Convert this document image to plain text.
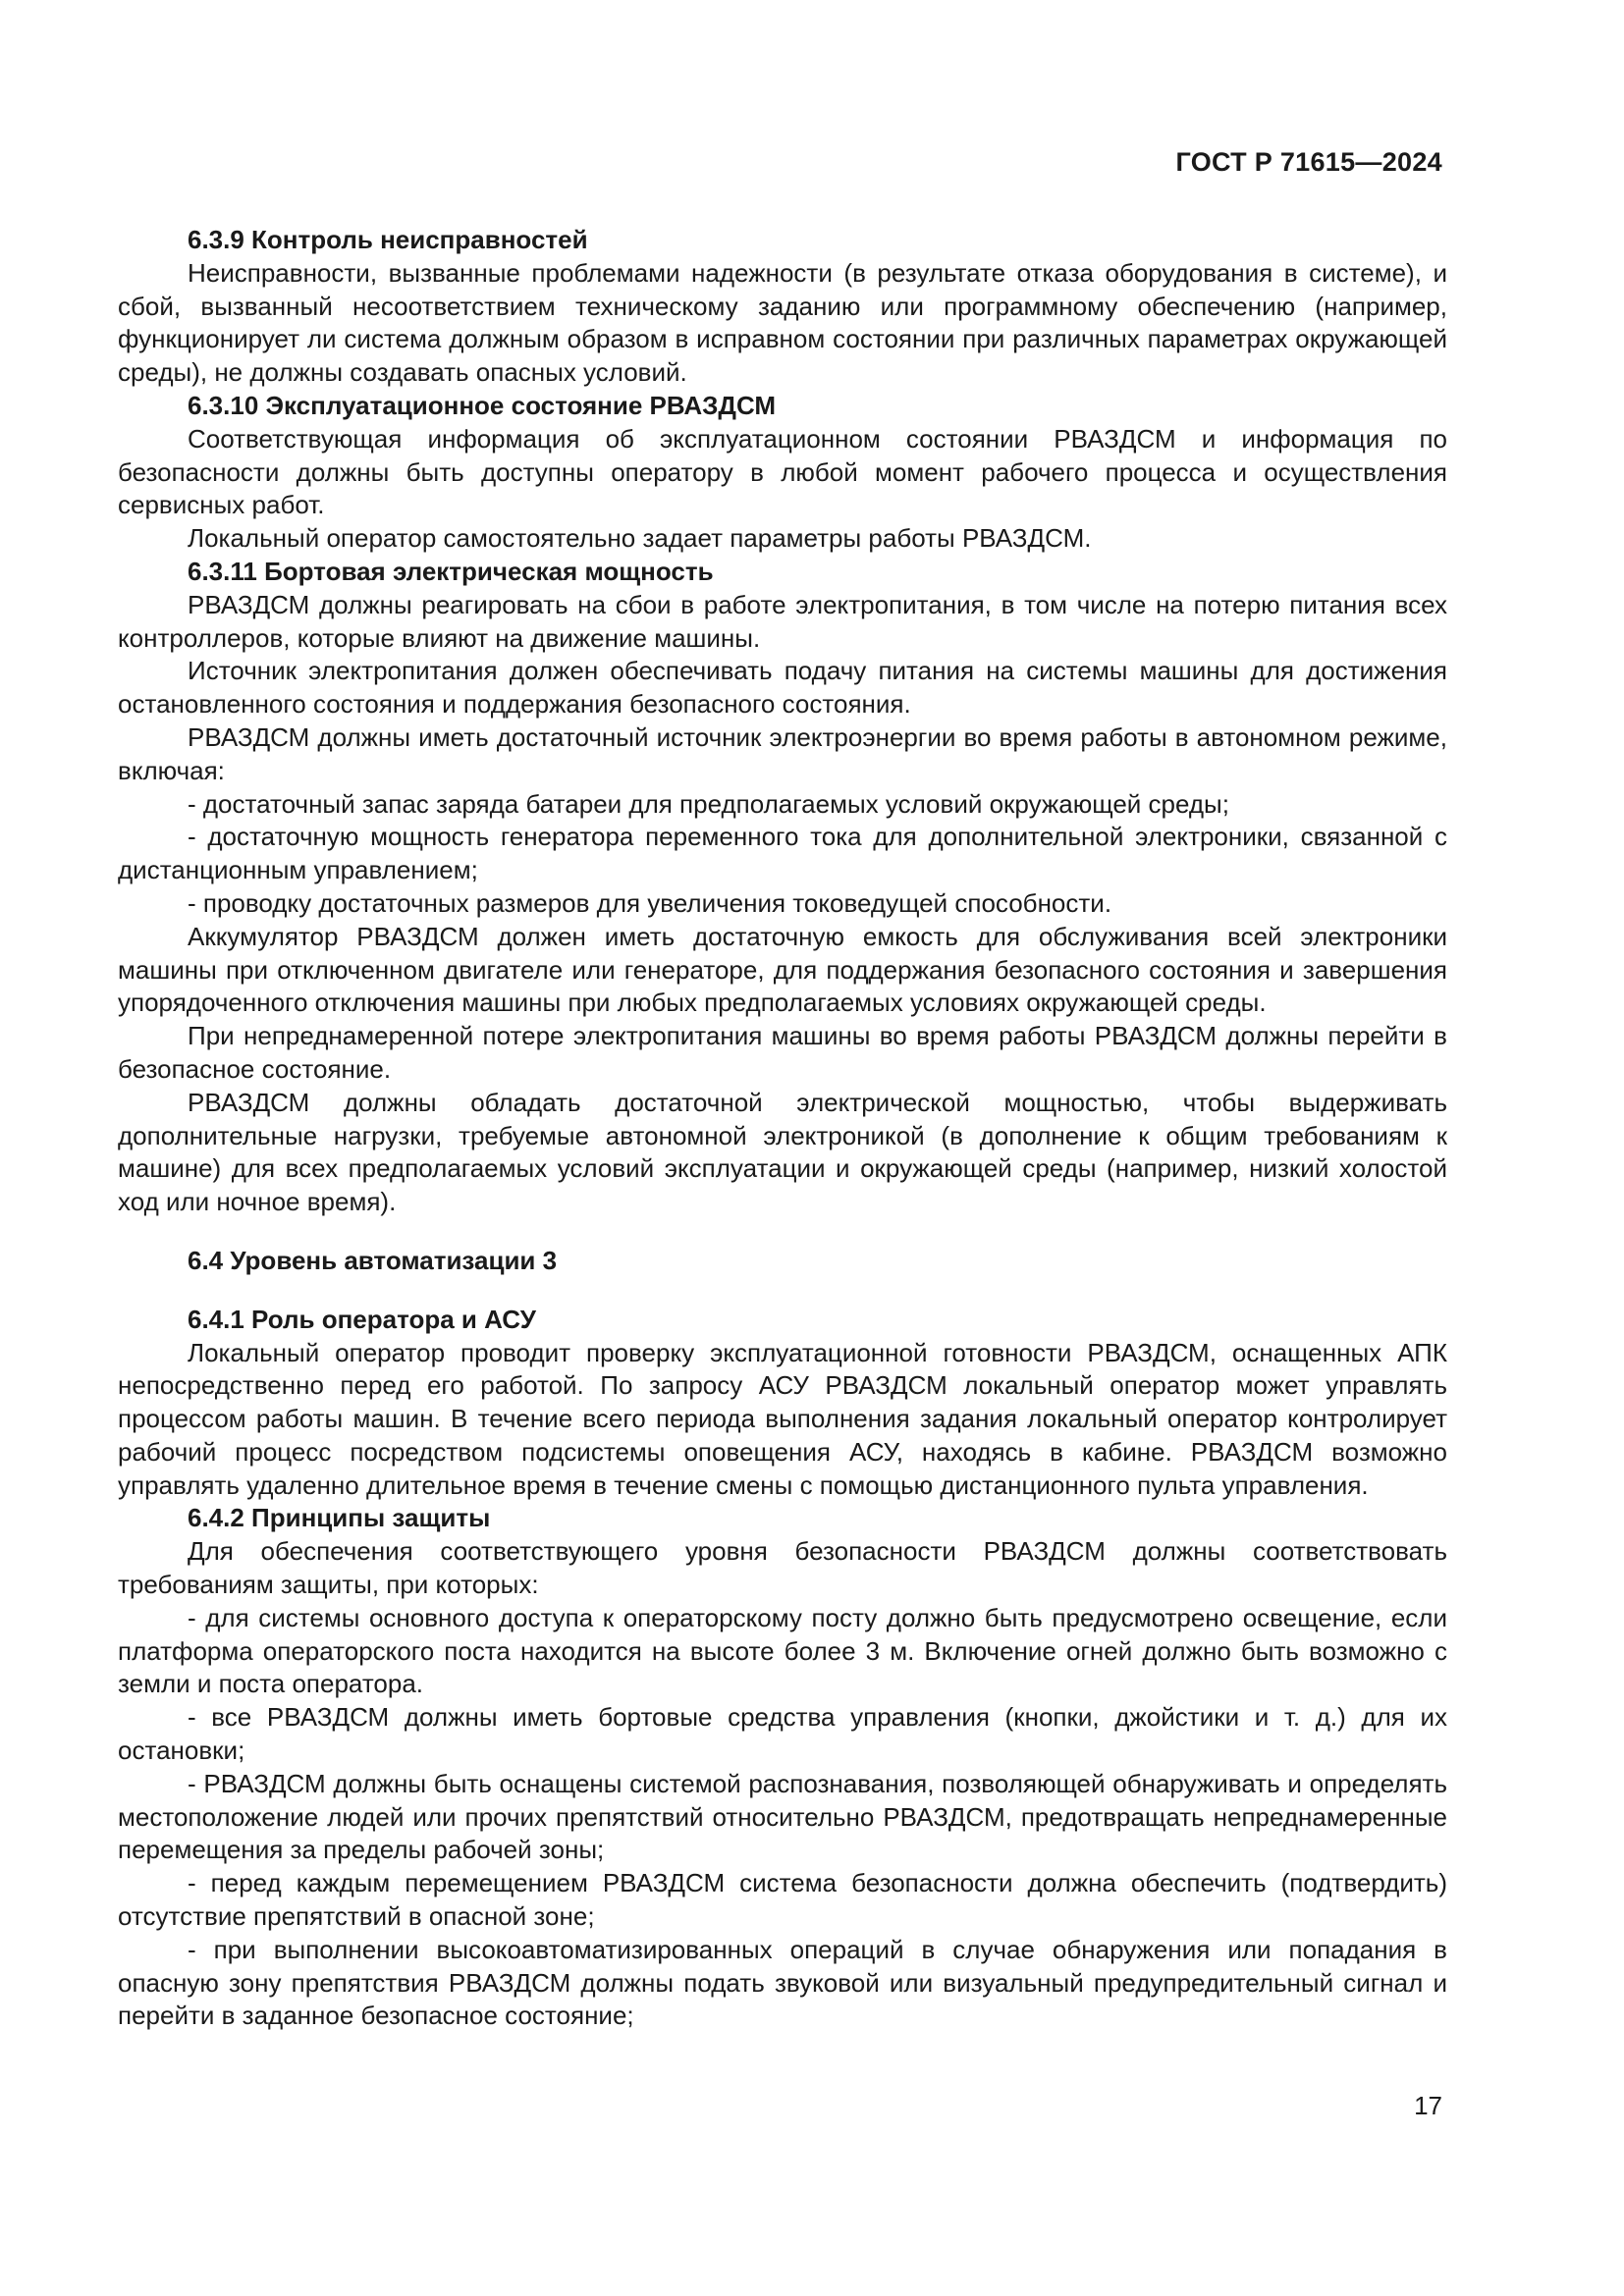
ГОСТ Р 71615—2024
6.3.9 Контроль неисправностей

Неисправности, вызванные проблемами надежности (в результате отказа оборудования в системе), и сбой, вызванный несоответствием техническому заданию или программному обеспечению (например, функционирует ли система должным образом в исправном состоянии при различных параметрах окружающей среды), не должны создавать опасных условий.

6.3.10 Эксплуатационное состояние РВАЗДСМ

Соответствующая информация об эксплуатационном состоянии РВАЗДСМ и информация по безопасности должны быть доступны оператору в любой момент рабочего процесса и осуществления сервисных работ.

Локальный оператор самостоятельно задает параметры работы РВАЗДСМ.

6.3.11 Бортовая электрическая мощность

РВАЗДСМ должны реагировать на сбои в работе электропитания, в том числе на потерю питания всех контроллеров, которые влияют на движение машины.

Источник электропитания должен обеспечивать подачу питания на системы машины для достижения остановленного состояния и поддержания безопасного состояния.

РВАЗДСМ должны иметь достаточный источник электроэнергии во время работы в автономном режиме, включая:

- достаточный запас заряда батареи для предполагаемых условий окружающей среды;

- достаточную мощность генератора переменного тока для дополнительной электроники, связанной с дистанционным управлением;

- проводку достаточных размеров для увеличения токоведущей способности.

Аккумулятор РВАЗДСМ должен иметь достаточную емкость для обслуживания всей электроники машины при отключенном двигателе или генераторе, для поддержания безопасного состояния и завершения упорядоченного отключения машины при любых предполагаемых условиях окружающей среды.

При непреднамеренной потере электропитания машины во время работы РВАЗДСМ должны перейти в безопасное состояние.

РВАЗДСМ должны обладать достаточной электрической мощностью, чтобы выдерживать дополнительные нагрузки, требуемые автономной электроникой (в дополнение к общим требованиям к машине) для всех предполагаемых условий эксплуатации и окружающей среды (например, низкий холостой ход или ночное время).

6.4 Уровень автоматизации 3
6.4.1 Роль оператора и АСУ

Локальный оператор проводит проверку эксплуатационной готовности РВАЗДСМ, оснащенных АПК непосредственно перед его работой. По запросу АСУ РВАЗДСМ локальный оператор может управлять процессом работы машин. В течение всего периода выполнения задания локальный оператор контролирует рабочий процесс посредством подсистемы оповещения АСУ, находясь в кабине. РВАЗДСМ возможно управлять удаленно длительное время в течение смены с помощью дистанционного пульта управления.

6.4.2 Принципы защиты

Для обеспечения соответствующего уровня безопасности РВАЗДСМ должны соответствовать требованиям защиты, при которых:

- для системы основного доступа к операторскому посту должно быть предусмотрено освещение, если платформа операторского поста находится на высоте более 3 м. Включение огней должно быть возможно с земли и поста оператора.

- все РВАЗДСМ должны иметь бортовые средства управления (кнопки, джойстики и т. д.) для их остановки;

- РВАЗДСМ должны быть оснащены системой распознавания, позволяющей обнаруживать и определять местоположение людей или прочих препятствий относительно РВАЗДСМ, предотвращать непреднамеренные перемещения за пределы рабочей зоны;

- перед каждым перемещением РВАЗДСМ система безопасности должна обеспечить (подтвердить) отсутствие препятствий в опасной зоне;

- при выполнении высокоавтоматизированных операций в случае обнаружения или попадания в опасную зону препятствия РВАЗДСМ должны подать звуковой или визуальный предупредительный сигнал и перейти в заданное безопасное состояние;

17
